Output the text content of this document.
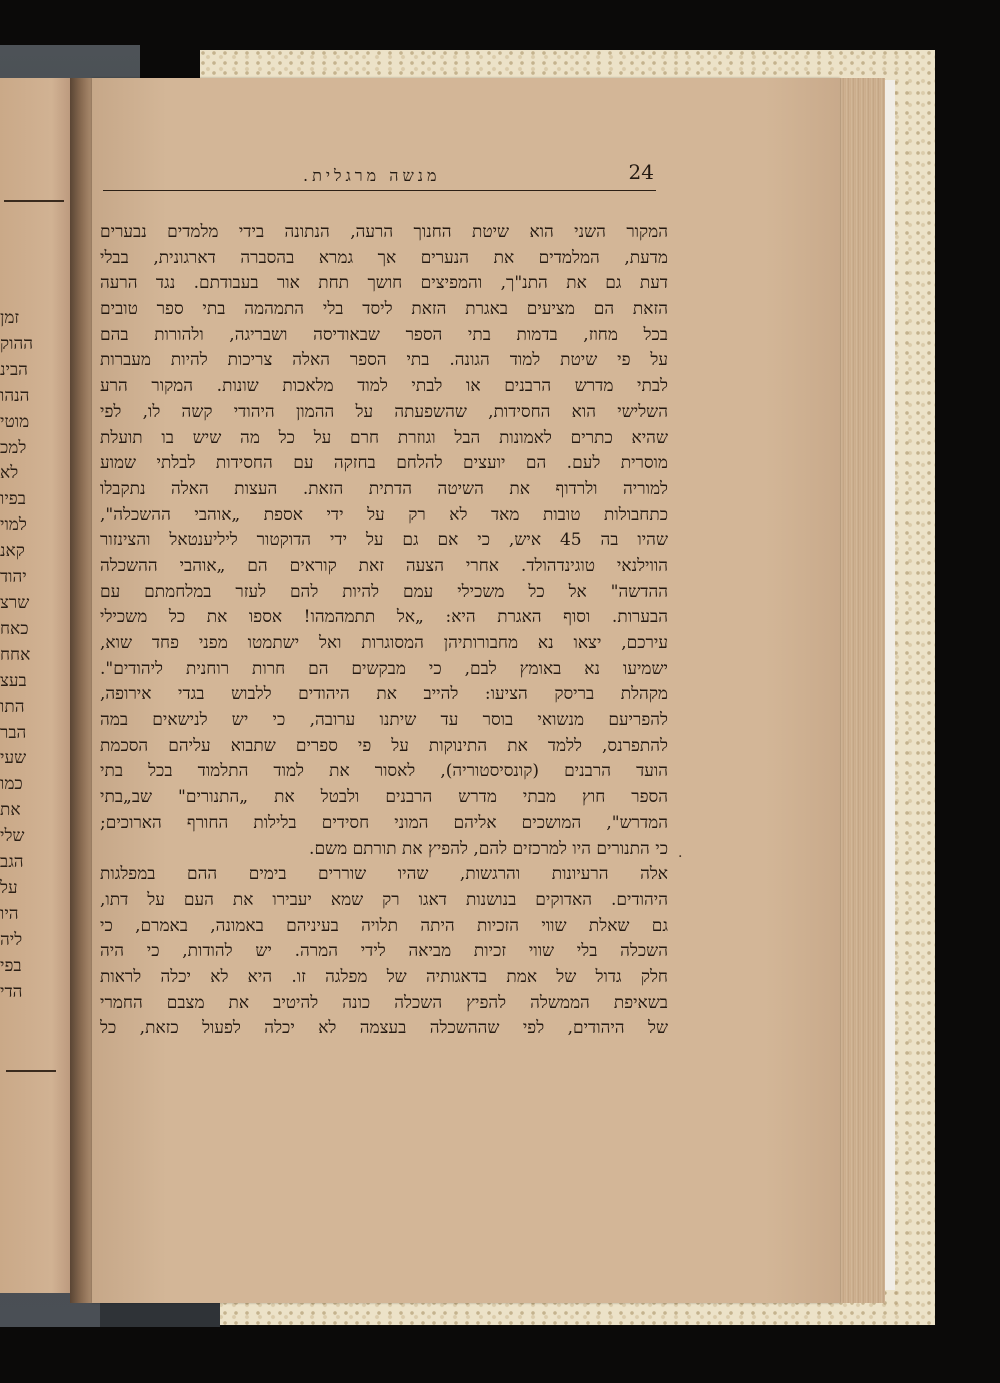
זמן
ההוק
הבינ
הנהו
מוטי
למכ
לא
בפיו
למוי
קאנ
יהוד
שרצ
כאח
אחח
בעצ
התו
הבר
שעי
כמו
את
שלי
הגב
על
היו
ליה
בפי
הדי
מנשה מרגלית.	24
המקור השני הוא שיטת החנוך הרעה, הנתונה בידי מלמדים נבערים
מדעת, המלמדים את הנערים אך גמרא בהסברה דארגונית, בבלי
דעת גם את התנ"ך, והמפיצים חושך תחת אור בעבודתם. נגד הרעה
הזאת הם מציעים באגרת הזאת ליסד בלי התמהמה בתי ספר טובים
בכל מחוז, בדמות בתי הספר שבאודיסה ושבריגה, ולהורות בהם
על פי שיטת למוד הגונה. בתי הספר האלה צריכות להיות מעברות
לבתי מדרש הרבנים או לבתי למוד מלאכות שונות. המקור הרע
השלישי הוא החסידות, שהשפעתה על ההמון היהודי קשה לו, לפי
שהיא כתרים לאמונות הבל וגוזרת חרם על כל מה שיש בו תועלת
מוסרית לעם. הם יועצים להלחם בחזקה עם החסידות לבלתי שמוע
למוריה ולרדוף את השיטה הדתית הזאת. העצות האלה נתקבלו
כתחבולות טובות מאד לא רק על ידי אספת „אוהבי ההשכלה",
שהיו בה 45 איש, כי אם גם על ידי הדוקטור ליליענטאל והצינזור
הווילנאי טוגינדהולד. אחרי הצעה זאת קוראים הם „אוהבי ההשכלה
ההדשה" אל כל משכילי עמם להיות להם לעזר במלחמתם עם
הבערות. וסוף האגרת היא: „אל תתמהמהו! אספו את כל משכילי
עירכם, יצאו נא מחבורותיהן המסוגרות ואל ישתמטו מפני פחד שוא,
ישמיעו נא באומץ לבם, כי מבקשים הם חרות רוחנית ליהודים".
מקהלת בריסק הציעו: להייב את היהודים ללבוש בגדי אירופה,
להפריעם מנשואי בוסר עד שיתנו ערובה, כי יש לנישאים במה
להתפרנס, ללמד את התינוקות על פי ספרים שתבוא עליהם הסכמת
הועד הרבנים (קונסיסטוריה), לאסור את למוד התלמוד בכל בתי
הספר חוץ מבתי מדרש הרבנים ולבטל את „התנורים" שב„בתי
המדרש", המושכים אליהם המוני חסידים בלילות החורף הארוכים;
כי התנורים היו למרכזים להם, להפיץ את תורתם משם.
אלה הרעיונות והרגשות, שהיו שוררים בימים ההם במפלגות
היהודים. האדוקים בנושנות דאגו רק שמא יעבירו את העם על דתו,
גם שאלת שווי הזכיות היתה תלויה בעיניהם באמונה, באמרם, כי
השכלה בלי שווי זכיות מביאה לידי המרה. יש להודות, כי היה
חלק גדול של אמת בדאגותיה של מפלגה זו. היא לא יכלה לראות
בשאיפת הממשלה להפיץ השכלה כונה להיטיב את מצבם החמרי
של היהודים, לפי שההשכלה בעצמה לא יכלה לפעול כזאת, כל
.
